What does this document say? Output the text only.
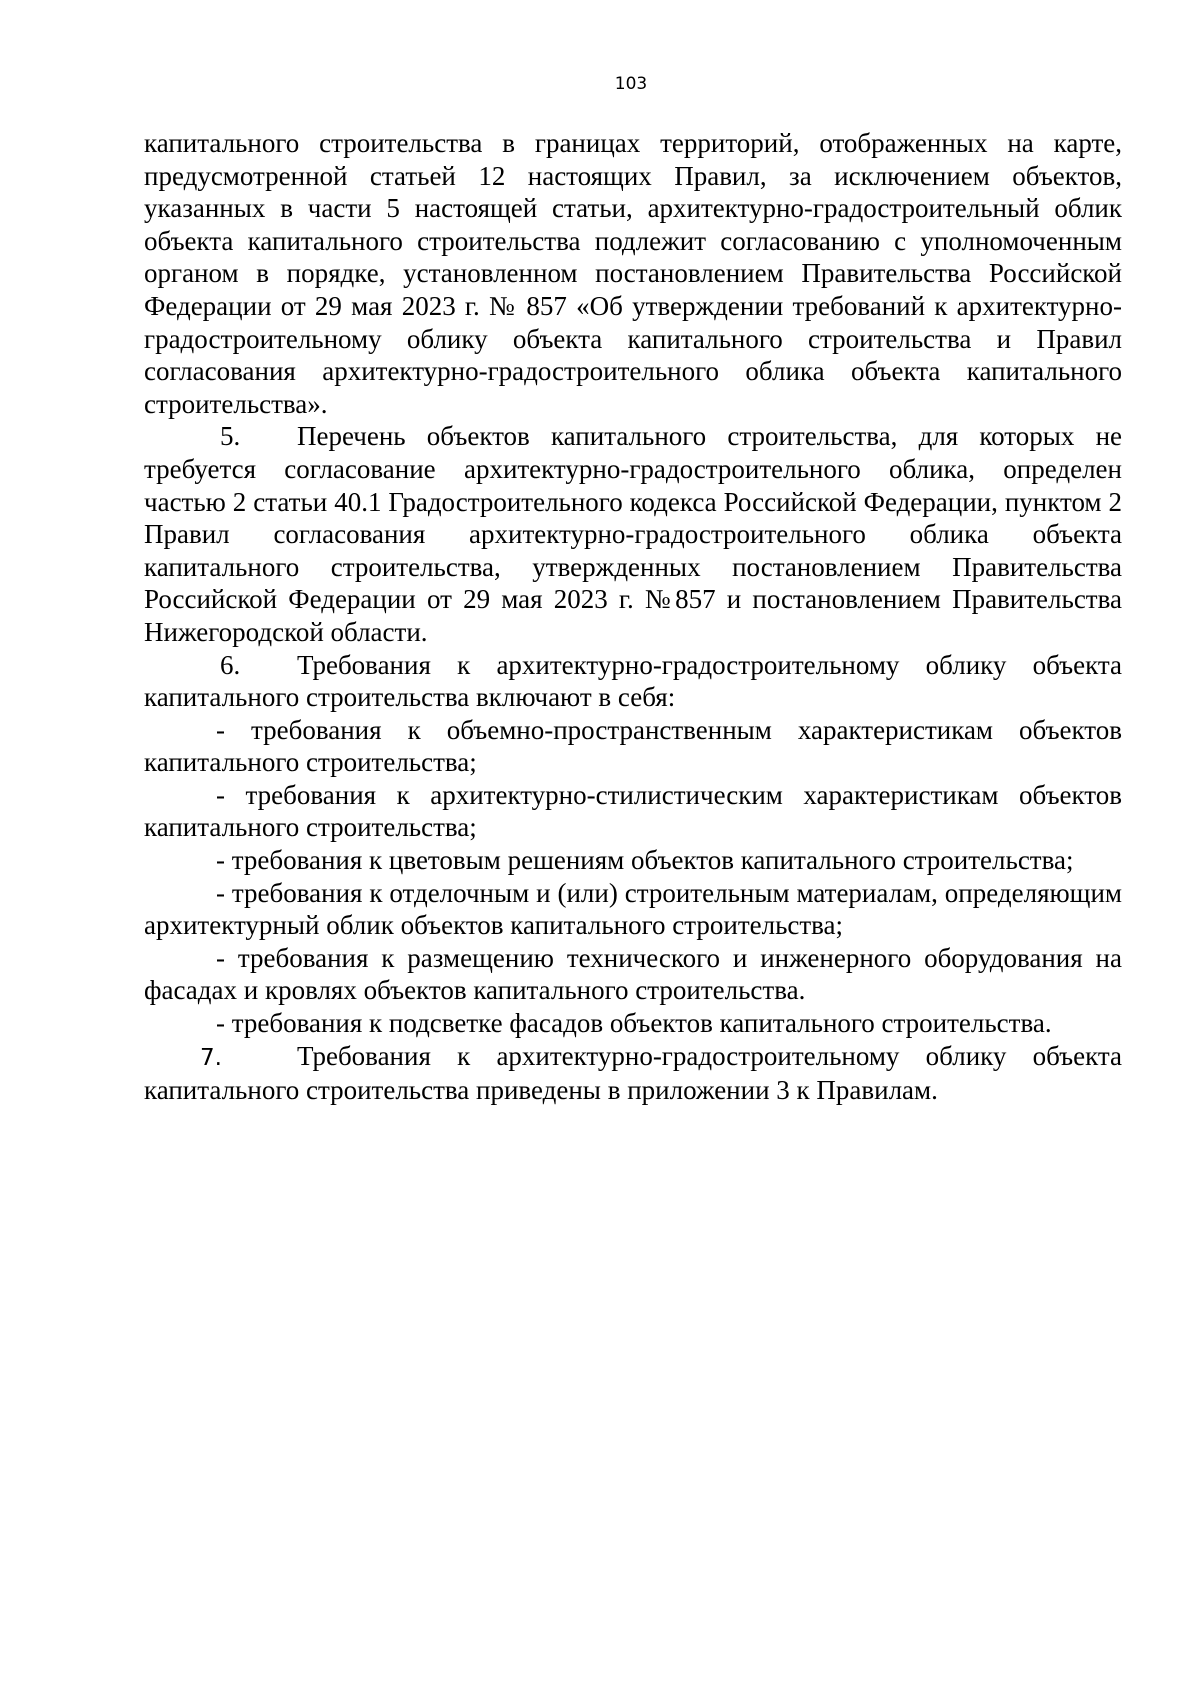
103

капитального строительства в границах территорий, отображенных на карте, предусмотренной статьей 12 настоящих Правил, за исключением объектов, указанных в части 5 настоящей статьи, архитектурно-градостроительный облик объекта капитального строительства подлежит согласованию с уполномоченным органом в порядке, установленном постановлением Правительства Российской Федерации от 29 мая 2023 г. № 857 «Об утверждении требований к архитектурно-градостроительному облику объекта капитального строительства и Правил согласования архитектурно-градостроительного облика объекта капитального строительства».

5. Перечень объектов капитального строительства, для которых не требуется согласование архитектурно-градостроительного облика, определен частью 2 статьи 40.1 Градостроительного кодекса Российской Федерации, пунктом 2 Правил согласования архитектурно-градостроительного облика объекта капитального строительства, утвержденных постановлением Правительства Российской Федерации от 29 мая 2023 г. №857 и постановлением Правительства Нижегородской области.

6. Требования к архитектурно-градостроительному облику объекта капитального строительства включают в себя:

- требования к объемно-пространственным характеристикам объектов капитального строительства;

- требования к архитектурно-стилистическим характеристикам объектов капитального строительства;

- требования к цветовым решениям объектов капитального строительства;

- требования к отделочным и (или) строительным материалам, определяющим архитектурный облик объектов капитального строительства;

- требования к размещению технического и инженерного оборудования на фасадах и кровлях объектов капитального строительства.

- требования к подсветке фасадов объектов капитального строительства.

7.	Требования к архитектурно-градостроительному облику объекта капитального строительства приведены в приложении 3 к Правилам.
